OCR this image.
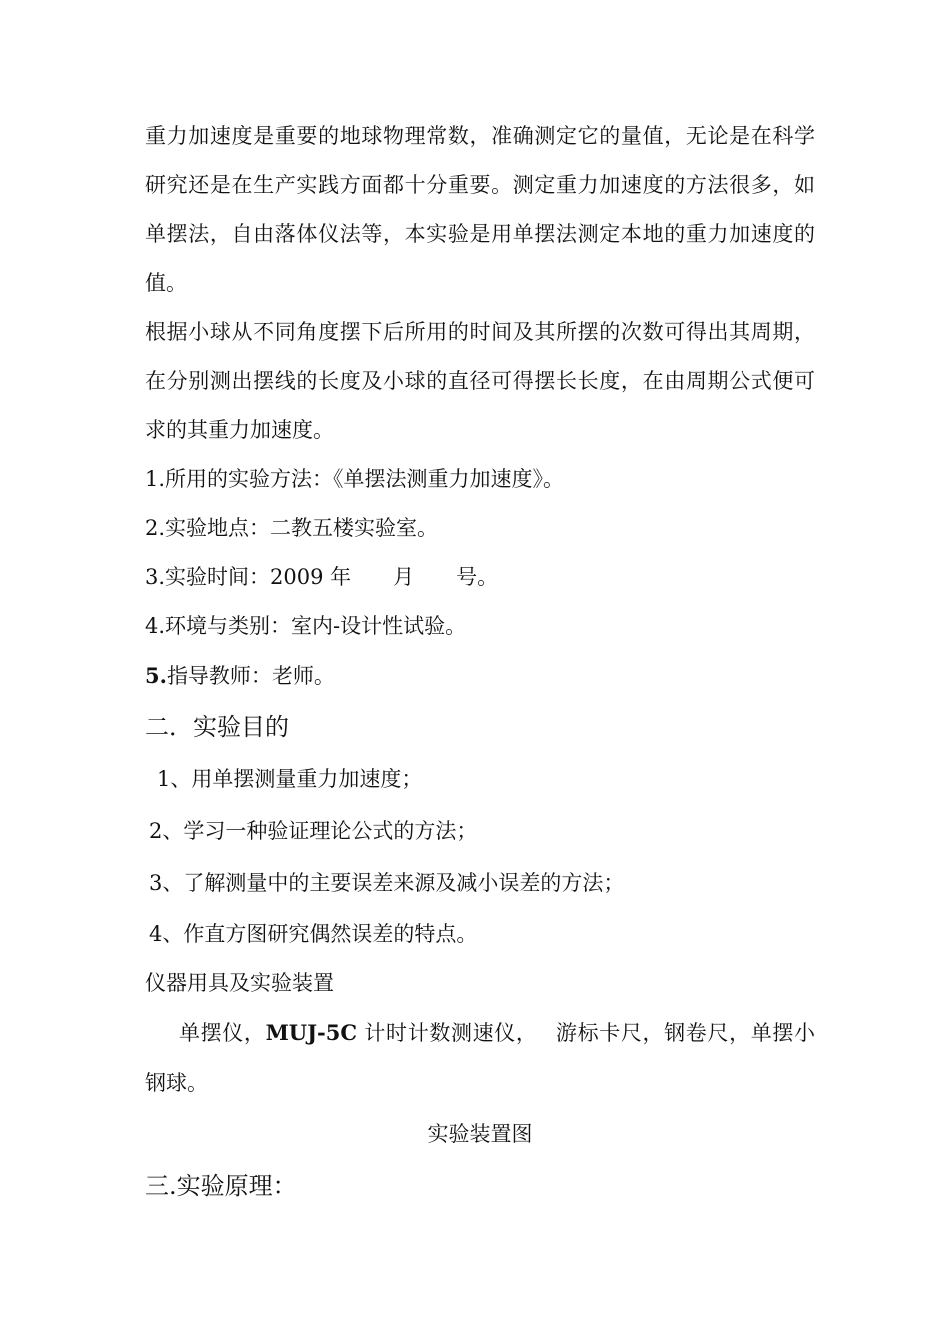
重力加速度是重要的地球物理常数，准确测定它的量值，无论是在科学研究还是在生产实践方面都十分重要。测定重力加速度的方法很多，如单摆法，自由落体仪法等，本实验是用单摆法测定本地的重力加速度的值。

根据小球从不同角度摆下后所用的时间及其所摆的次数可得出其周期，在分别测出摆线的长度及小球的直径可得摆长长度，在由周期公式便可求的其重力加速度。

1.所用的实验方法：《单摆法测重力加速度》。

2.实验地点：二教五楼实验室。

3.实验时间：2009 年　　月　　号。

4.环境与类别：室内-设计性试验。

5.指导教师：老师。

二．实验目的

1、用单摆测量重力加速度；

2、学习一种验证理论公式的方法；

3、了解测量中的主要误差来源及减小误差的方法；

4、作直方图研究偶然误差的特点。

仪器用具及实验装置

单摆仪，MUJ-5C 计时计数测速仪，　 游标卡尺，钢卷尺，单摆小钢球。

实验装置图

三.实验原理：
